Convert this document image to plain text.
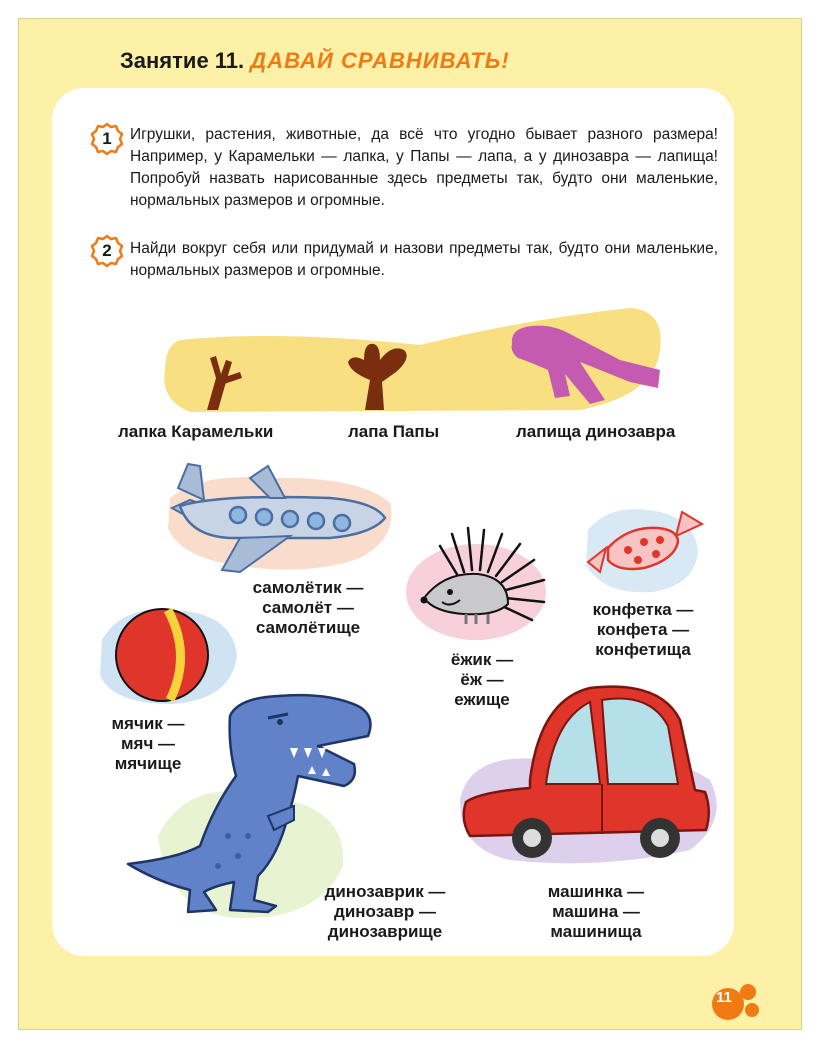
Занятие 11. ДАВАЙ СРАВНИВАТЬ!
1	Игрушки, растения, животные, да всё что угодно бывает разного размера! Например, у Карамельки — лапка, у Папы — лапа, а у динозавра — лапища! Попробуй назвать нарисованные здесь предметы так, будто они маленькие, нормальных размеров и огромные.
2	Найди вокруг себя или придумай и назови предметы так, будто они маленькие, нормальных размеров и огромные.
лапка Карамельки	лапа Папы	лапища динозавра
самолётик —
самолёт —
самолётище
ёжик —
ёж —
ежище
конфетка —
конфета —
конфетища
мячик —
мяч —
мячище
динозаврик —
динозавр —
динозаврище
машинка —
машина —
машинища
11
